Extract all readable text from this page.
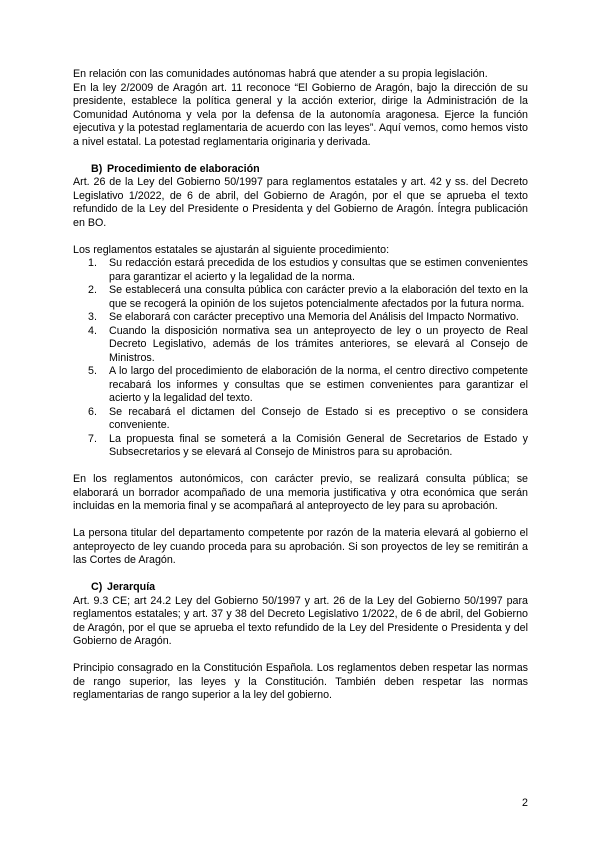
En relación con las comunidades autónomas habrá que atender a su propia legislación.

En la ley 2/2009 de Aragón art. 11 reconoce “El Gobierno de Aragón, bajo la dirección de su presidente, establece la política general y la acción exterior, dirige la Administración de la Comunidad Autónoma y vela por la defensa de la autonomía aragonesa. Ejerce la función ejecutiva y la potestad reglamentaria de acuerdo con las leyes”. Aquí vemos, como hemos visto a nivel estatal. La potestad reglamentaria originaria y derivada.

B) Procedimiento de elaboración

Art. 26 de la Ley del Gobierno 50/1997 para reglamentos estatales y art. 42 y ss. del Decreto Legislativo 1/2022, de 6 de abril, del Gobierno de Aragón, por el que se aprueba el texto refundido de la Ley del Presidente o Presidenta y del Gobierno de Aragón. Íntegra publicación en BO.

Los reglamentos estatales se ajustarán al siguiente procedimiento:

1. Su redacción estará precedida de los estudios y consultas que se estimen convenientes para garantizar el acierto y la legalidad de la norma.
2. Se establecerá una consulta pública con carácter previo a la elaboración del texto en la que se recogerá la opinión de los sujetos potencialmente afectados por la futura norma.
3. Se elaborará con carácter preceptivo una Memoria del Análisis del Impacto Normativo.
4. Cuando la disposición normativa sea un anteproyecto de ley o un proyecto de Real Decreto Legislativo, además de los trámites anteriores, se elevará al Consejo de Ministros.
5. A lo largo del procedimiento de elaboración de la norma, el centro directivo competente recabará los informes y consultas que se estimen convenientes para garantizar el acierto y la legalidad del texto.
6. Se recabará el dictamen del Consejo de Estado si es preceptivo o se considera conveniente.
7. La propuesta final se someterá a la Comisión General de Secretarios de Estado y Subsecretarios y se elevará al Consejo de Ministros para su aprobación.

En los reglamentos autonómicos, con carácter previo, se realizará consulta pública; se elaborará un borrador acompañado de una memoria justificativa y otra económica que serán incluidas en la memoria final y se acompañará al anteproyecto de ley para su aprobación.

La persona titular del departamento competente por razón de la materia elevará al gobierno el anteproyecto de ley cuando proceda para su aprobación. Si son proyectos de ley se remitirán a las Cortes de Aragón.

C) Jerarquía

Art. 9.3 CE; art 24.2 Ley del Gobierno 50/1997 y art. 26 de la Ley del Gobierno 50/1997 para reglamentos estatales; y art. 37 y 38 del Decreto Legislativo 1/2022, de 6 de abril, del Gobierno de Aragón, por el que se aprueba el texto refundido de la Ley del Presidente o Presidenta y del Gobierno de Aragón.

Principio consagrado en la Constitución Española. Los reglamentos deben respetar las normas de rango superior, las leyes y la Constitución. También deben respetar las normas reglamentarias de rango superior a la ley del gobierno.

2
